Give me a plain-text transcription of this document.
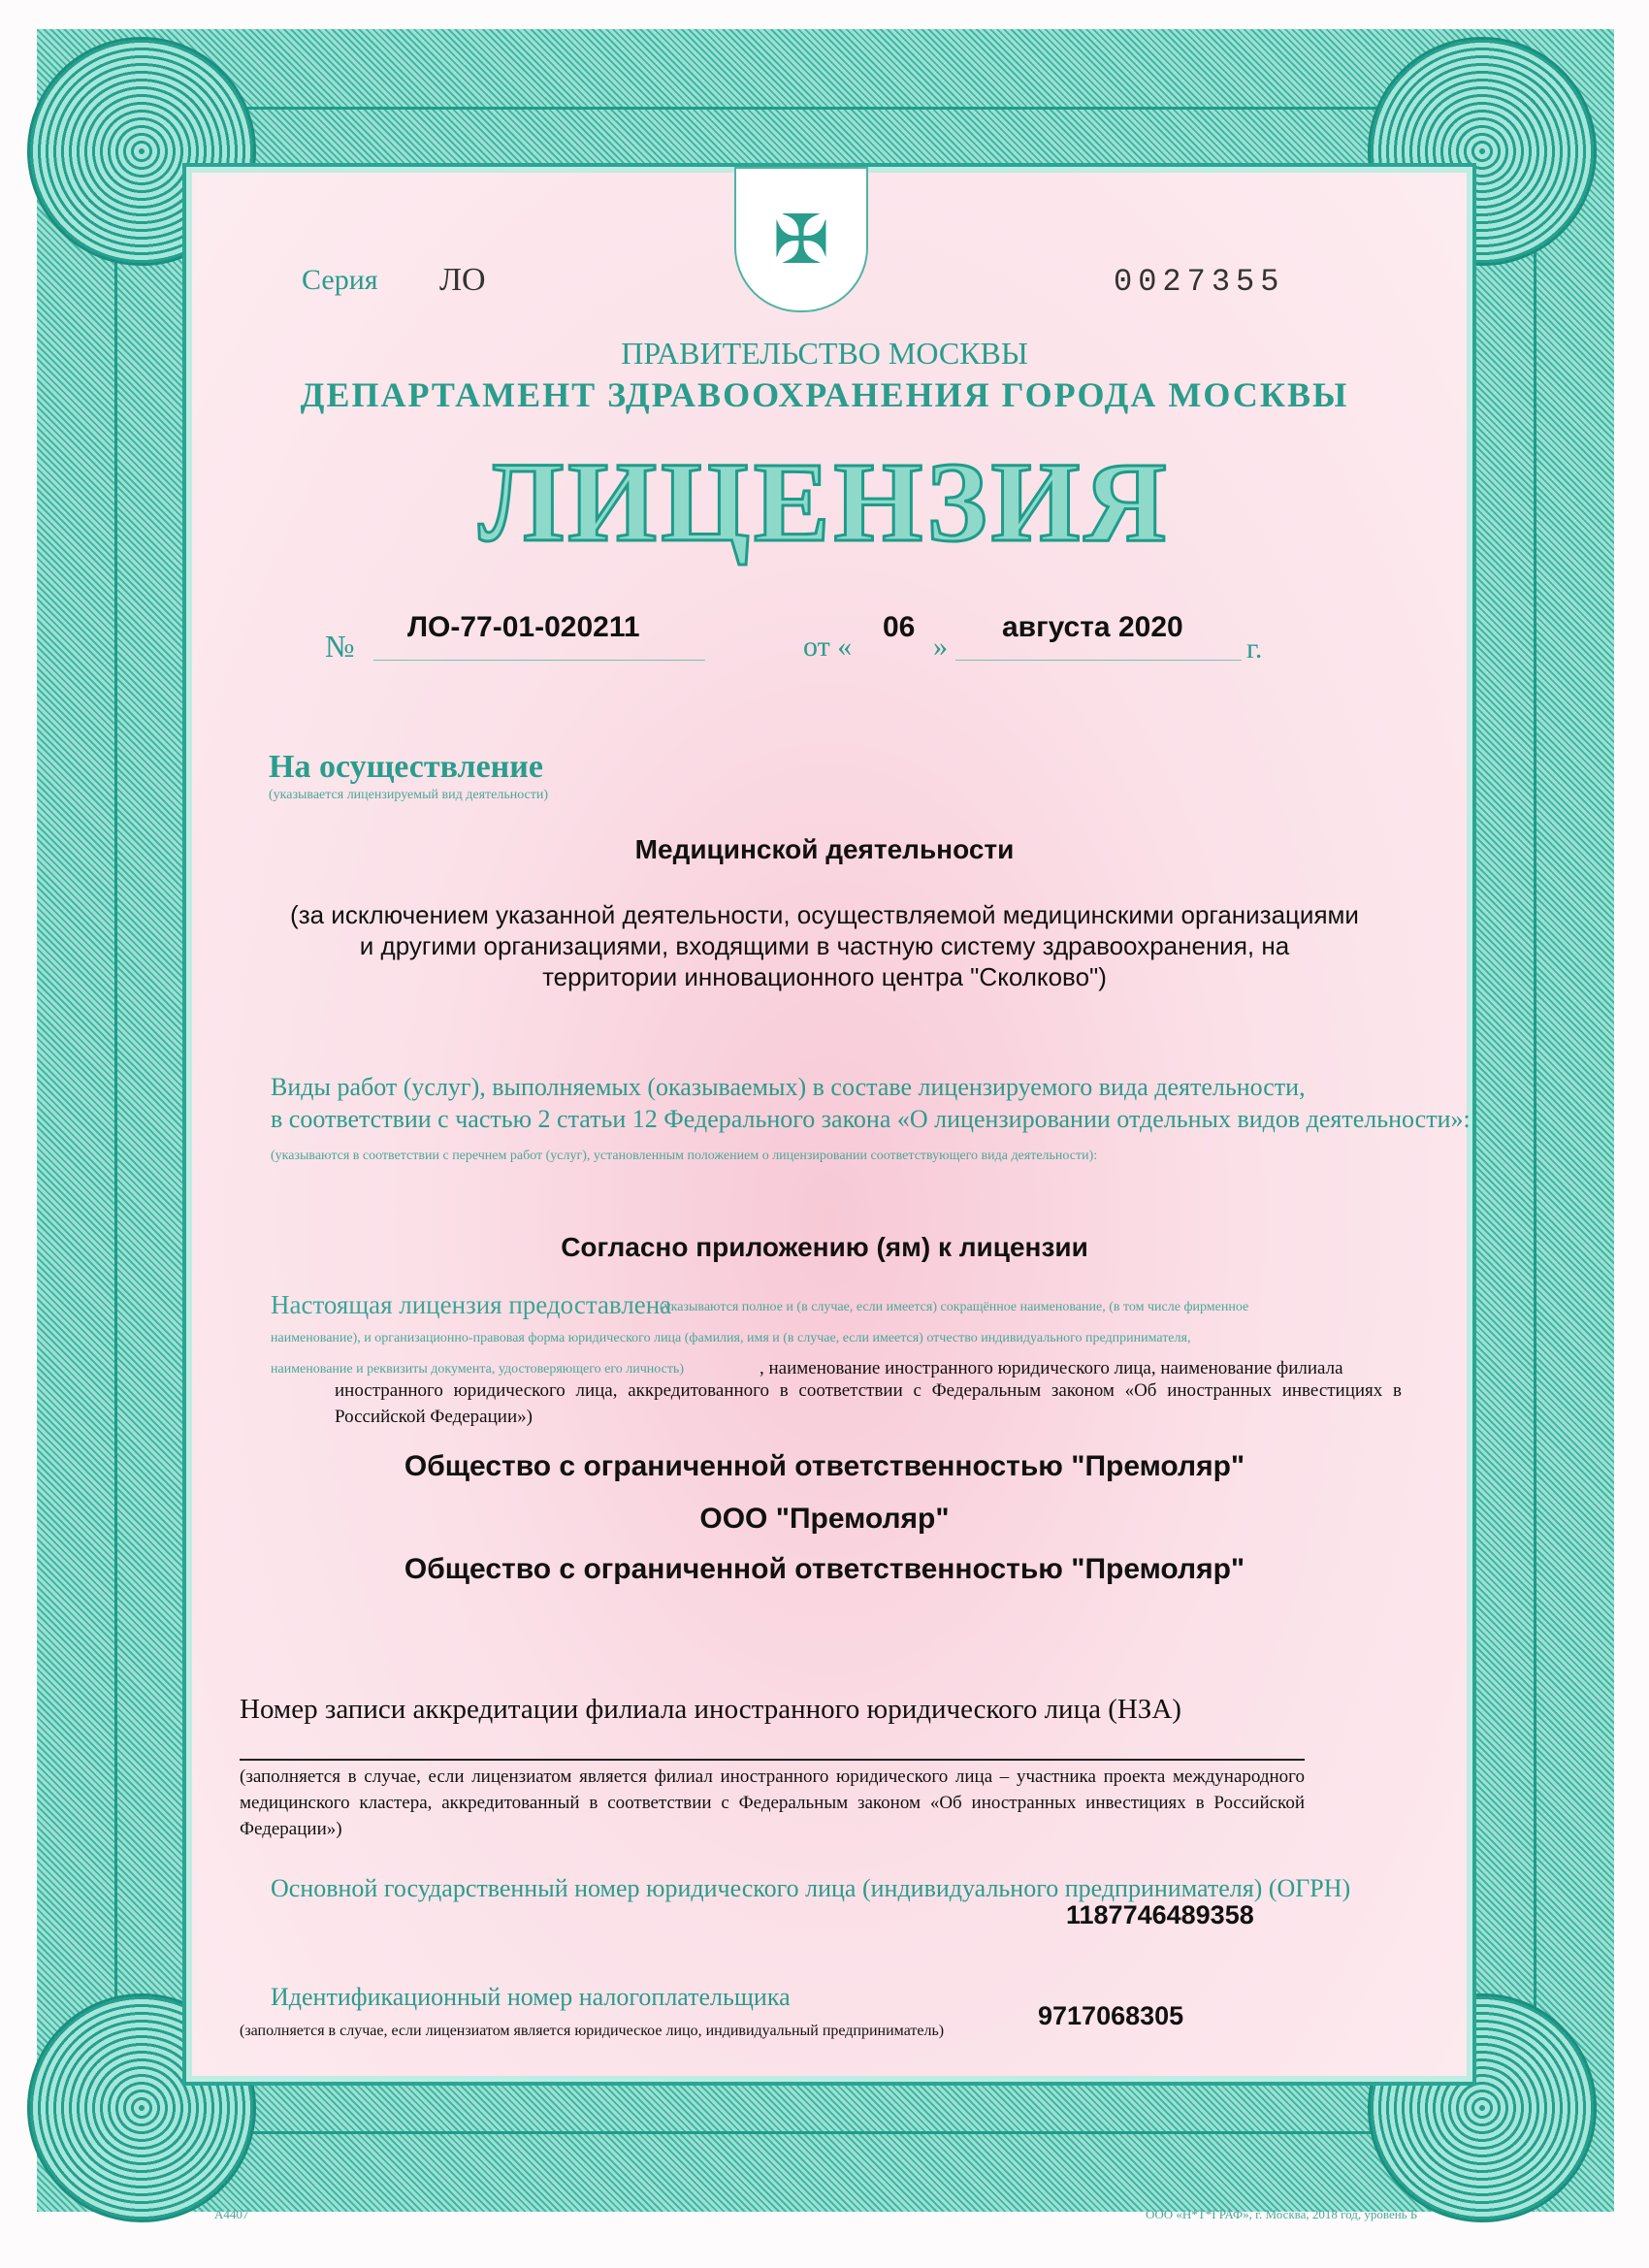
✠
Серия ЛО	0027355
ПРАВИТЕЛЬСТВО МОСКВЫ
ДЕПАРТАМЕНТ ЗДРАВООХРАНЕНИЯ ГОРОДА МОСКВЫ
ЛИЦЕНЗИЯ
№
ЛО-77-01-020211
от «
06
»
августа 2020
г.
На осуществление
(указывается лицензируемый вид деятельности)
Медицинской деятельности
(за исключением указанной деятельности, осуществляемой медицинскими организациями
и другими организациями, входящими в частную систему здравоохранения, на
территории инновационного центра "Сколково")
Виды работ (услуг), выполняемых (оказываемых) в составе лицензируемого вида деятельности,
в соответствии с частью 2 статьи 12 Федерального закона «О лицензировании отдельных видов деятельности»:
(указываются в соответствии с перечнем работ (услуг), установленным положением о лицензировании соответствующего вида деятельности):
Согласно приложению (ям) к лицензии
Настоящая лицензия предоставлена
(указываются полное и (в случае, если имеется) сокращённое наименование, (в том числе фирменное
наименование), и организационно-правовая форма юридического лица (фамилия, имя и (в случае, если имеется) отчество индивидуального предпринимателя,
наименование и реквизиты документа, удостоверяющего его личность)	, наименование иностранного юридического лица, наименование филиала
иностранного юридического лица, аккредитованного в соответствии с Федеральным законом «Об иностранных инвестициях в Российской Федерации»)
Общество с ограниченной ответственностью "Премоляр"
ООО "Премоляр"
Общество с ограниченной ответственностью "Премоляр"
Номер записи аккредитации филиала иностранного юридического лица (НЗА)
(заполняется в случае, если лицензиатом является филиал иностранного юридического лица – участника проекта международного медицинского кластера, аккредитованный в соответствии с Федеральным законом «Об иностранных инвестициях в Российской Федерации»)
Основной государственный номер юридического лица (индивидуального предпринимателя) (ОГРН)
1187746489358
Идентификационный номер налогоплательщика
(заполняется в случае, если лицензиатом является юридическое лицо, индивидуальный предприниматель)
9717068305
А4407	ООО «Н*Т*ГРАФ», г. Москва, 2018 год, уровень Б
